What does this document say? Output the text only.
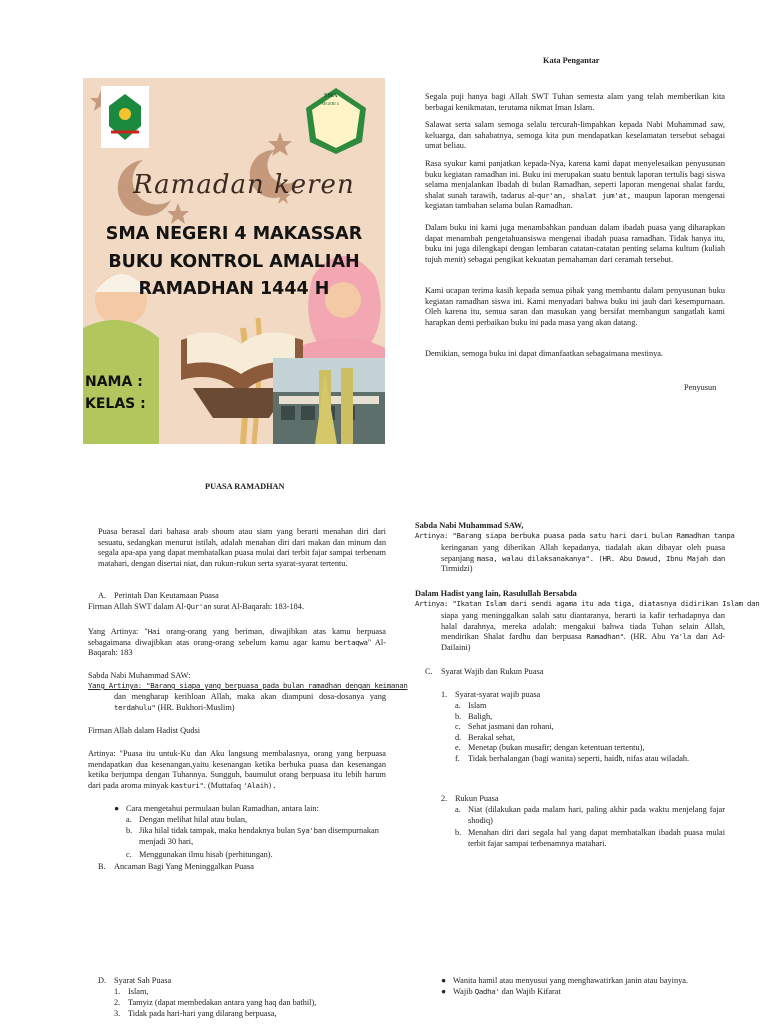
SMA
NEGERI 4
Ramadan keren
SMA NEGERI 4 MAKASSAR
BUKU KONTROL AMALIAH
RAMADHAN 1444 H
NAMA :
KELAS :
Kata Pengantar
Segala puji hanya bagi Allah SWT Tuhan semesta alam yang telah memberikan kita berbagai kenikmatan, terutama nikmat Iman Islam.
Salawat serta salam semoga selalu tercurah-limpahkan kepada Nabi Muhammad saw, keluarga, dan sahabatnya, semoga kita pun mendapatkan keselamatan tersebut sebagai umat beliau.
Rasa syukur kami panjatkan kepada-Nya, karena kami dapat menyelesaikan penyusunan buku kegiatan ramadhan ini. Buku ini merupakan suatu bentuk laporan tertulis bagi siswa selama menjalankan Ibadah di bulan Ramadhan, seperti laporan mengenai shalat fardu, shalat sunah tarawih, tadarus al-qur'an, shalat jum'at, maupun laporan mengenai kegiatan tambahan selama bulan Ramadhan.
Dalam buku ini kami juga menambahkan panduan dalam ibadah puasa yang diharapkan dapat menambah pengetahuansiswa mengenai ibadah puasa ramadhan. Tidak hanya itu, buku ini juga dilengkapi dengan lembaran catatan-catatan penting selama kultum (kuliah tujuh menit) sebagai pengikat kekuatan pemahaman dari ceramah tersebut.
Kami ucapan terima kasih kepada semua pihak yang membantu dalam penyusunan buku kegiatan ramadhan siswa ini. Kami menyadari bahwa buku ini jauh dari kesempurnaan. Oleh karena itu, semua saran dan masukan yang bersifat membangun sangatlah kami harapkan demi perbaikan buku ini pada masa yang akan datang.
Demikian, semoga buku ini dapat dimanfaatkan sebagaimana mestinya.
Penyusun
PUASA RAMADHAN
Puasa berasal dari bahasa arab shoum atau siam yang berarti menahan diri dari sesuatu, sedangkan menurut istilah, adalah menahan diri dari makan dan minum dan segala apa-apa yang dapat membatalkan puasa mulai dari terbit fajar sampai terbenam matahari, dengan disertai niat, dan rukun-rukun serta syarat-syarat tertentu.
A. Perintah Dan Keutamaan Puasa
Firman Allah SWT dalam Al-Qur'an surat Al-Baqarah: 183-184.
Yang Artinya: "Hai orang-orang yang beriman, diwajibkan atas kamu berpuasa sebagaimana diwajibkan atas orang-orang sebelum kamu agar kamu bertaqwa" Al-Baqarah: 183
Sabda Nabi Muhammad SAW:
Yang Artinya: "Barang siapa yang berpuasa pada bulan ramadhan dengan keimanan
dan mengharap kerihloan Allah, maka akan diampuni dosa-dosanya yang terdahulu" (HR. Bukhori-Muslim)
Firman Allah dalam Hadist Qudsi
Artinya: "Puasa itu untuk-Ku dan Aku langsung membalasnya, orang yang berpuasa mendapatkan dua kesenangan,yaitu kesenangan ketika berbuka puasa dan kesenangan ketika berjumpa dengan Tuhannya. Sungguh, baumulut orang berpuasa itu lebih harum dari pada aroma minyak kasturi". (Muttafaq 'Alaih).
● Cara mengetahui permulaan bulan Ramadhan, antara lain:
a. Dengan melihat hilal atau bulan,
b. Jika hilal tidak tampak, maka hendaknya bulan Sya'ban disempurnakan menjadi 30 hari,
c. Menggunakan ilmu hisab (perhitungan).
B. Ancaman Bagi Yang Meninggalkan Puasa
D. Syarat Sah Puasa
1. Islam,
2. Tamyiz (dapat membedakan antara yang haq dan bathil),
3. Tidak pada hari-hari yang dilarang berpuasa,
Sabda Nabi Muhammad SAW,
Artinya: "Barang siapa berbuka puasa pada satu hari dari bulan Ramadhan tanpa
keringanan yang diberikan Allah kepadanya, tiadalah akan dibayar oleh puasa sepanjang masa, walau dilaksanakanya". (HR. Abu Dawud, Ibnu Majah dan Tirmidzi)
Dalam Hadist yang lain, Rasulullah Bersabda
Artinya: "Ikatan Islam dari sendi agama itu ada tiga, diatasnya didirikan Islam dan
siapa yang meninggalkan salah satu diantaranya, berarti ia kafir terhadapnya dan halal darahnya, mereka adalah: mengakui bahwa tiada Tuhan selain Allah, mendirikan Shalat fardhu dan berpuasa Ramadhan". (HR. Abu Ya'la dan Ad-Dailaini)
C. Syarat Wajib dan Rukun Puasa
1. Syarat-syarat wajib puasa
a. Islam
b. Baligh,
c. Sehat jasmani dan rohani,
d. Berakal sehat,
e. Menetap (bukan musafir; dengan ketentuan tertentu),
f. Tidak berhalangan (bagi wanita) seperti, haidh, nifas atau wiladah.
2. Rukun Puasa
a. Niat (dilakukan pada malam hari, paling akhir pada waktu menjelang fajar shodiq)
b. Menahan diri dari segala hal yang dapat membatalkan ibadah puasa mulai terbit fajar sampai terbenamnya matahari.
● Wanita hamil atau menyusui yang menghawatirkan janin atau bayinya.
● Wajib Qadha' dan Wajib Kifarat
